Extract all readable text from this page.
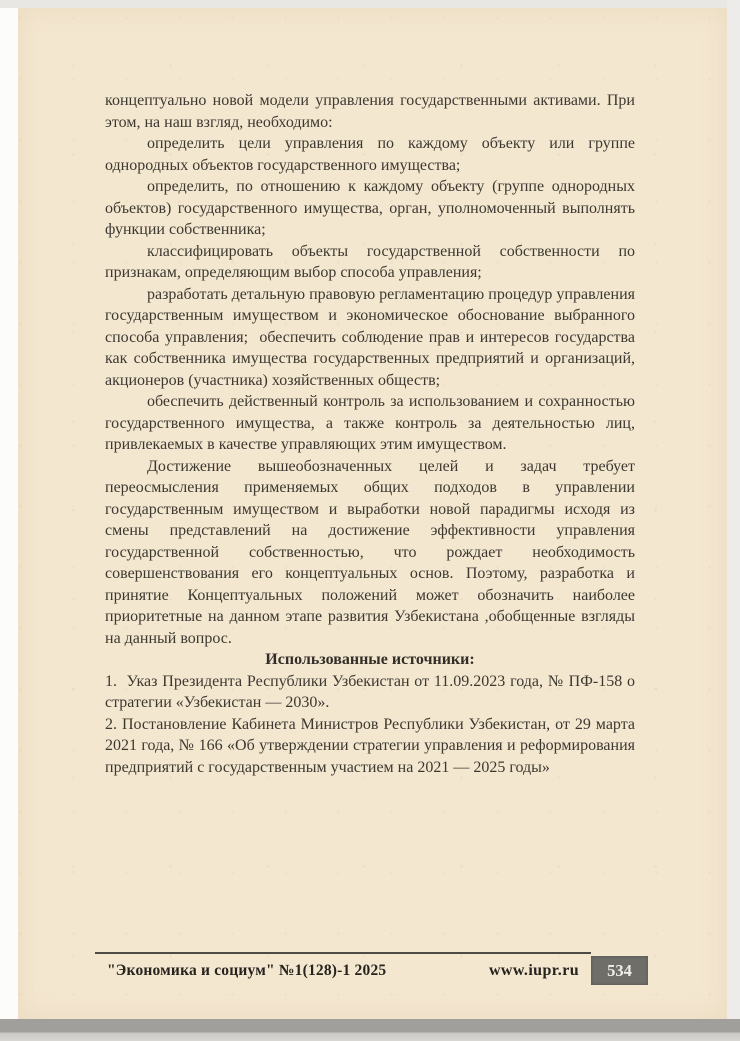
концептуально новой модели управления государственными активами. При этом, на наш взгляд, необходимо:

определить цели управления по каждому объекту или группе однородных объектов государственного имущества;

определить, по отношению к каждому объекту (группе однородных объектов) государственного имущества, орган, уполномоченный выполнять функции собственника;

классифицировать объекты государственной собственности по признакам, определяющим выбор способа управления;

разработать детальную правовую регламентацию процедур управления государственным имуществом и экономическое обоснование выбранного способа управления;  обеспечить соблюдение прав и интересов государства как собственника имущества государственных предприятий и организаций, акционеров (участника) хозяйственных обществ;

обеспечить действенный контроль за использованием и сохранностью государственного имущества, а также контроль за деятельностью лиц, привлекаемых в качестве управляющих этим имуществом.

Достижение вышеобозначенных целей и задач требует переосмысления применяемых общих подходов в управлении государственным имуществом и выработки новой парадигмы исходя из смены представлений на достижение эффективности управления государственной собственностью, что рождает необходимость совершенствования его концептуальных основ. Поэтому, разработка и принятие Концептуальных положений может обозначить наиболее приоритетные на данном этапе развития Узбекистана ,обобщенные взгляды на данный вопрос.

Использованные источники:

1.  Указ Президента Республики Узбекистан от 11.09.2023 года, № ПФ-158 о стратегии «Узбекистан — 2030».

2. Постановление Кабинета Министров Республики Узбекистан, от 29 марта 2021 года, № 166 «Об утверждении стратегии управления и реформирования предприятий с государственным участием на 2021 — 2025 годы»

"Экономика и социум" №1(128)-1 2025	www.iupr.ru	534
